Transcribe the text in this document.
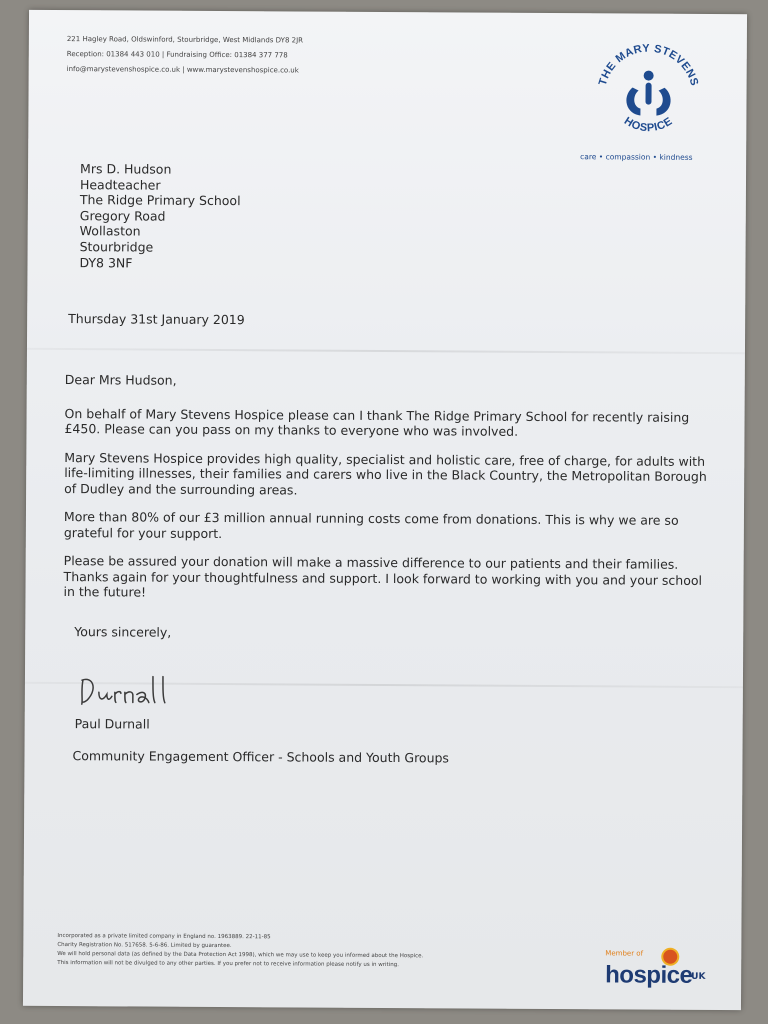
221 Hagley Road, Oldswinford, Stourbridge, West Midlands DY8 2JR
Reception: 01384 443 010 | Fundraising Office: 01384 377 778
info@marystevenshospice.co.uk | www.marystevenshospice.co.uk
THE MARY STEVENS
HOSPICE
care • compassion • kindness
Mrs D. Hudson
Headteacher
The Ridge Primary School
Gregory Road
Wollaston
Stourbridge
DY8 3NF
Thursday 31st January 2019

Dear Mrs Hudson,

On behalf of Mary Stevens Hospice please can I thank The Ridge Primary School for recently raising £450. Please can you pass on my thanks to everyone who was involved.

Mary Stevens Hospice provides high quality, specialist and holistic care, free of charge, for adults with life-limiting illnesses, their families and carers who live in the Black Country, the Metropolitan Borough of Dudley and the surrounding areas.

More than 80% of our £3 million annual running costs come from donations. This is why we are so grateful for your support.

Please be assured your donation will make a massive difference to our patients and their families. Thanks again for your thoughtfulness and support. I look forward to working with you and your school in the future!

Yours sincerely,
Paul Durnall
Community Engagement Officer - Schools and Youth Groups
Incorporated as a private limited company in England no. 1963889. 22-11-85
Charity Registration No. 517658. 5-6-86. Limited by guarantee.
We will hold personal data (as defined by the Data Protection Act 1998), which we may use to keep you informed about the Hospice.
This information will not be divulged to any other parties. If you prefer not to receive information please notify us in writing.
Member of
hospice
UK
